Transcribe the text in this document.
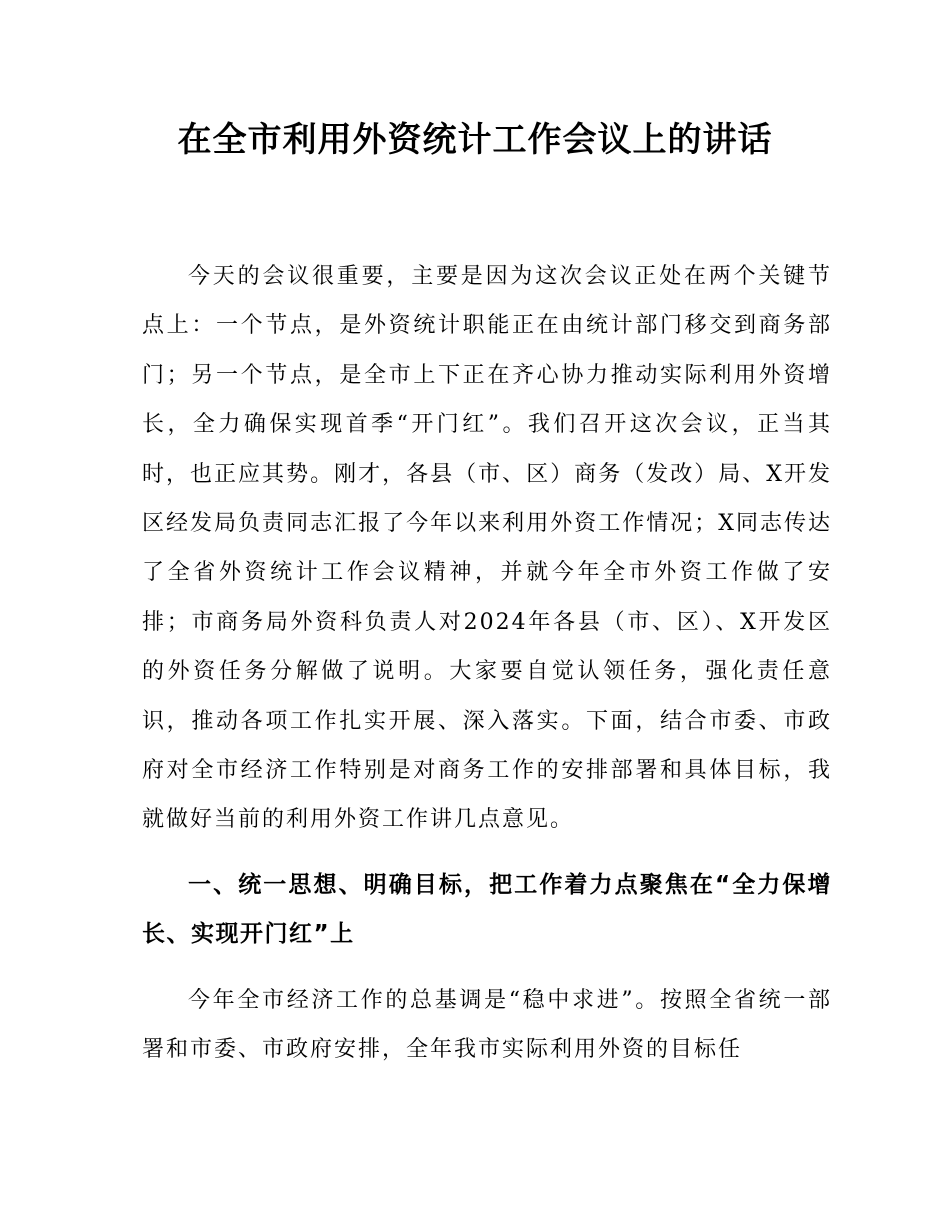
在全市利用外资统计工作会议上的讲话

今天的会议很重要，主要是因为这次会议正处在两个关键节点上：一个节点，是外资统计职能正在由统计部门移交到商务部门；另一个节点，是全市上下正在齐心协力推动实际利用外资增长，全力确保实现首季“开门红”。我们召开这次会议，正当其时，也正应其势。刚才，各县（市、区）商务（发改）局、X开发区经发局负责同志汇报了今年以来利用外资工作情况；X同志传达了全省外资统计工作会议精神，并就今年全市外资工作做了安排；市商务局外资科负责人对2024年各县（市、区）、X开发区的外资任务分解做了说明。大家要自觉认领任务，强化责任意识，推动各项工作扎实开展、深入落实。下面，结合市委、市政府对全市经济工作特别是对商务工作的安排部署和具体目标，我就做好当前的利用外资工作讲几点意见。

一、统一思想、明确目标，把工作着力点聚焦在“全力保增长、实现开门红”上

今年全市经济工作的总基调是“稳中求进”。按照全省统一部署和市委、市政府安排，全年我市实际利用外资的目标任
